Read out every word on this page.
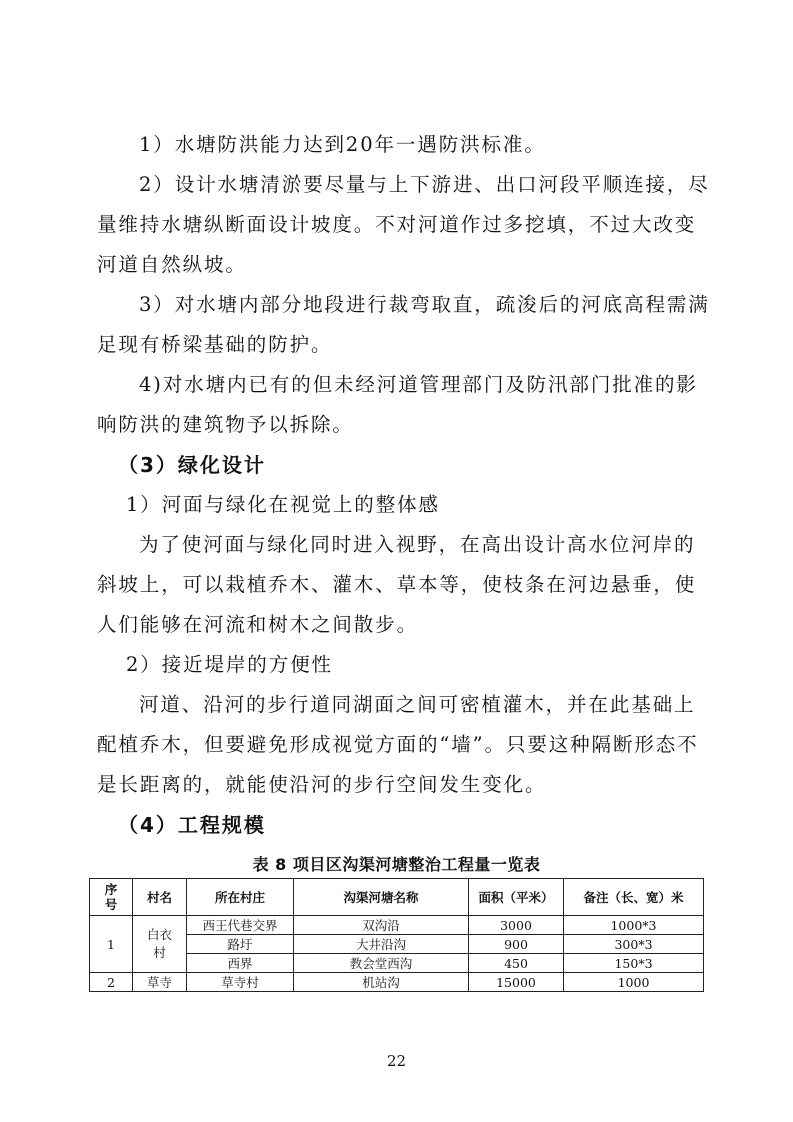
1）水塘防洪能力达到20年一遇防洪标准。
2）设计水塘清淤要尽量与上下游进、出口河段平顺连接，尽
量维持水塘纵断面设计坡度。不对河道作过多挖填，不过大改变
河道自然纵坡。
3）对水塘内部分地段进行裁弯取直，疏浚后的河底高程需满
足现有桥梁基础的防护。
4)对水塘内已有的但未经河道管理部门及防汛部门批准的影
响防洪的建筑物予以拆除。
（3）绿化设计
1）河面与绿化在视觉上的整体感
为了使河面与绿化同时进入视野，在高出设计高水位河岸的
斜坡上，可以栽植乔木、灌木、草本等，使枝条在河边悬垂，使
人们能够在河流和树木之间散步。
2）接近堤岸的方便性
河道、沿河的步行道同湖面之间可密植灌木，并在此基础上
配植乔木，但要避免形成视觉方面的“墙”。只要这种隔断形态不
是长距离的，就能使沿河的步行空间发生变化。
（4）工程规模
表 8 项目区沟渠河塘整治工程量一览表
序号	村名	所在村庄	沟渠河塘名称	面积（平米）	备注（长、宽）米
1	白衣村	西王代巷交界	双沟沿	3000	1000*3
		路圩	大井沿沟	900	300*3
		西界	教会堂西沟	450	150*3
2	草寺	草寺村	机站沟	15000	1000
22
